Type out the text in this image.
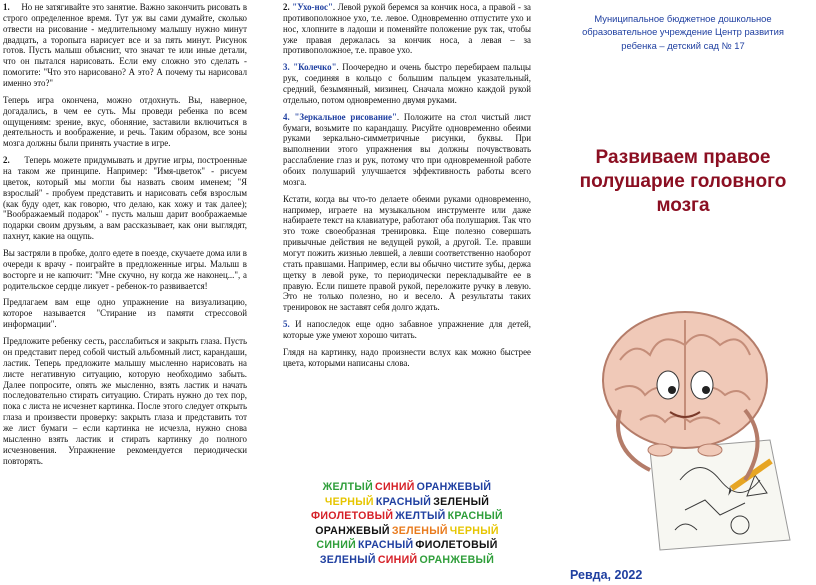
1. Но не затягивайте это занятие. Важно закончить рисовать в строго определенное время. Тут уж вы сами думайте, сколько отвести на рисование - медлительному малышу нужно минут двадцать, а торопыга нарисует все и за пять минут. Рисунок готов. Пусть малыш объяснит, что значат те или иные детали, что он пытался нарисовать. Если ему сложно это сделать - помогите: "Что это нарисовано? А это? А почему ты нарисовал именно это?"

Теперь игра окончена, можно отдохнуть. Вы, наверное, догадались, в чем ее суть. Мы проведи ребенка по всем ощущениям: зрение, вкус, обоняние, заставили включиться в деятельность и воображение, и речь. Таким образом, все зоны мозга должны были принять участие в игре.

2. Теперь можете придумывать и другие игры, построенные на таком же принципе. Например: "Имя-цветок" - рисуем цветок, который мы могли бы назвать своим именем; "Я взрослый" - пробуем представить и нарисовать себя взрослым (как буду одет, как говорю, что делаю, как хожу и так далее); "Воображаемый подарок" - пусть малыш дарит воображаемые подарки своим друзьям, а вам рассказывает, как они выглядят, пахнут, какие на ощупь.

Вы застряли в пробке, долго едете в поезде, скучаете дома или в очереди к врачу - поиграйте в предложенные игры. Малыш в восторге и не капючит: "Мне скучно, ну когда же наконец...", а родительское сердце ликует - ребенок-то развивается!

Предлагаем вам еще одно упражнение на визуализацию, которое называется "Стирание из памяти стрессовой информации".

Предложите ребенку сесть, расслабиться и закрыть глаза. Пусть он представит перед собой чистый альбомный лист, карандаши, ластик. Теперь предложите малышу мысленно нарисовать на листе негативную ситуацию, которую необходимо забыть. Далее попросите, опять же мысленно, взять ластик и начать последовательно стирать ситуацию. Стирать нужно до тех пор, пока с листа не исчезнет картинка. После этого следует открыть глаза и произвести проверку: закрыть глаза и представить тот же лист бумаги – если картинка не исчезла, нужно снова мысленно взять ластик и стирать картинку до полного исчезновения. Упражнение рекомендуется периодически повторять.

2. "Ухо-нос". Левой рукой беремся за кончик носа, а правой - за противоположное ухо, т.е. левое. Одновременно отпустите ухо и нос, хлопните в ладоши и поменяйте положение рук так, чтобы уже правая держалась за кончик носа, а левая – за противоположное, т.е. правое ухо.

3. "Колечко". Поочередно и очень быстро перебираем пальцы рук, соединяя в кольцо с большим пальцем указательный, средний, безымянный, мизинец. Сначала можно каждой рукой отдельно, потом одновременно двумя руками.

4. "Зеркальное рисование". Положите на стол чистый лист бумаги, возьмите по карандашу. Рисуйте одновременно обеими руками зеркально-симметричные рисунки, буквы. При выполнении этого упражнения вы должны почувствовать расслабление глаз и рук, потому что при одновременной работе обоих полушарий улучшается эффективность работы всего мозга.

Кстати, когда вы что-то делаете обеими руками одновременно, например, играете на музыкальном инструменте или даже набираете текст на клавиатуре, работают оба полушария. Так что это тоже своеобразная тренировка. Еще полезно совершать привычные действия не ведущей рукой, а другой. Т.е. правши могут пожить жизнью левшей, а левши соответственно наоборот стать правшами. Например, если вы обычно чистите зубы, держа щетку в левой руке, то периодически перекладывайте ее в правую. Если пишете правой рукой, переложите ручку в левую. Это не только полезно, но и весело. А результаты таких тренировок не заставят себя долго ждать.

5. И напоследок еще одно забавное упражнение для детей, которые уже умеют хорошо читать.

Глядя на картинку, надо произнести вслух как можно быстрее цвета, которыми написаны слова.

ЖЕЛТЫЙ СИНИЙ ОРАНЖЕВЫЙ
ЧЕРНЫЙ КРАСНЫЙ ЗЕЛЕНЫЙ
ФИОЛЕТОВЫЙ ЖЕЛТЫЙ КРАСНЫЙ
ОРАНЖЕВЫЙ ЗЕЛЕНЫЙ ЧЕРНЫЙ
СИНИЙ КРАСНЫЙ ФИОЛЕТОВЫЙ
ЗЕЛЕНЫЙ СИНИЙ ОРАНЖЕВЫЙ
Муниципальное бюджетное дошкольное образовательное учреждение Центр развития ребенка – детский сад № 17
Развиваем правое полушарие головного мозга
Ревда, 2022
